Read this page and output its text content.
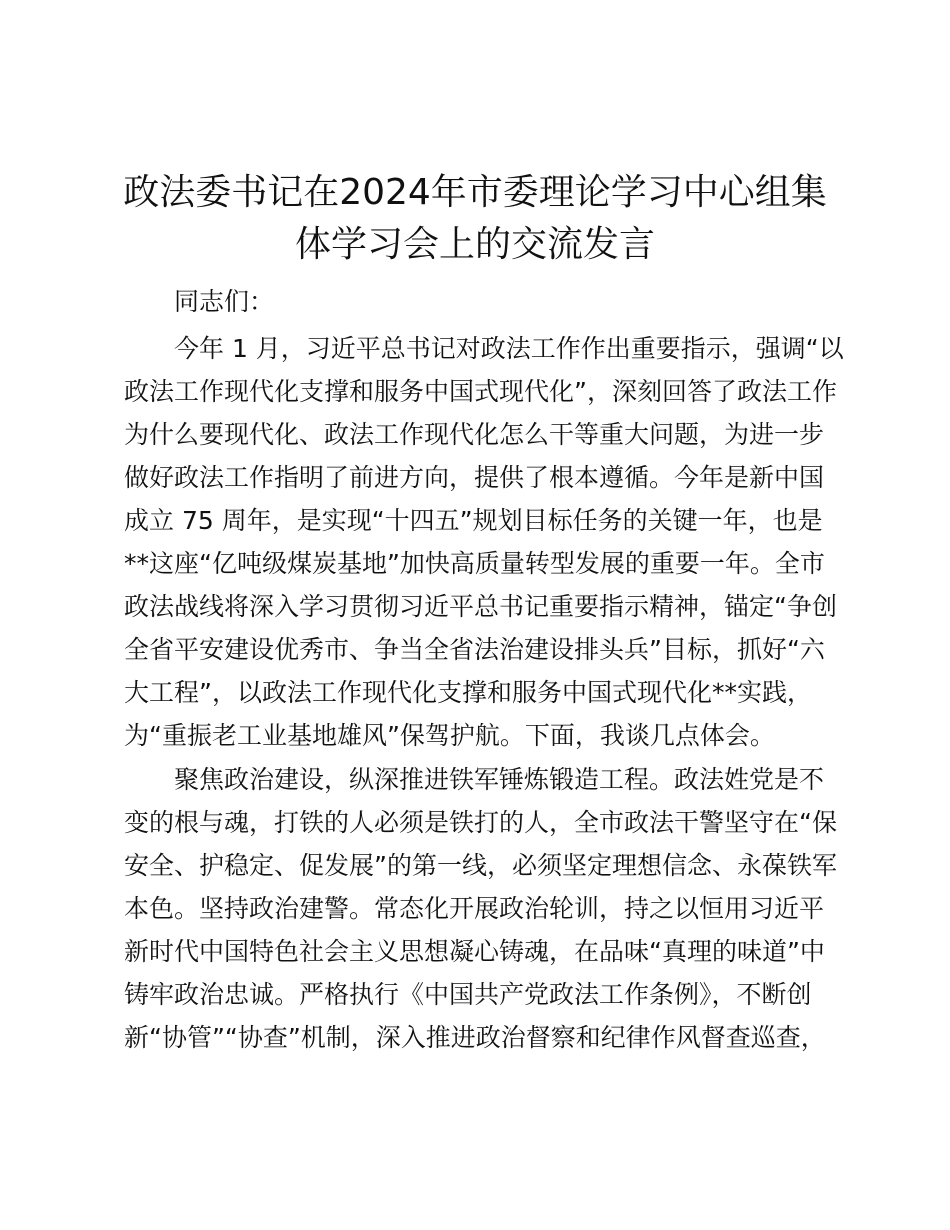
政法委书记在2024年市委理论学习中心组集
体学习会上的交流发言
同志们：
今年 1 月，习近平总书记对政法工作作出重要指示，强调“以
政法工作现代化支撑和服务中国式现代化”，深刻回答了政法工作
为什么要现代化、政法工作现代化怎么干等重大问题，为进一步
做好政法工作指明了前进方向，提供了根本遵循。今年是新中国
成立 75 周年，是实现“十四五”规划目标任务的关键一年，也是
**这座“亿吨级煤炭基地”加快高质量转型发展的重要一年。全市
政法战线将深入学习贯彻习近平总书记重要指示精神，锚定“争创
全省平安建设优秀市、争当全省法治建设排头兵”目标，抓好“六
大工程”，以政法工作现代化支撑和服务中国式现代化**实践，
为“重振老工业基地雄风”保驾护航。下面，我谈几点体会。
聚焦政治建设，纵深推进铁军锤炼锻造工程。政法姓党是不
变的根与魂，打铁的人必须是铁打的人，全市政法干警坚守在“保
安全、护稳定、促发展”的第一线，必须坚定理想信念、永葆铁军
本色。坚持政治建警。常态化开展政治轮训，持之以恒用习近平
新时代中国特色社会主义思想凝心铸魂，在品味“真理的味道”中
铸牢政治忠诚。严格执行《中国共产党政法工作条例》，不断创
新“协管”“协查”机制，深入推进政治督察和纪律作风督查巡查，
